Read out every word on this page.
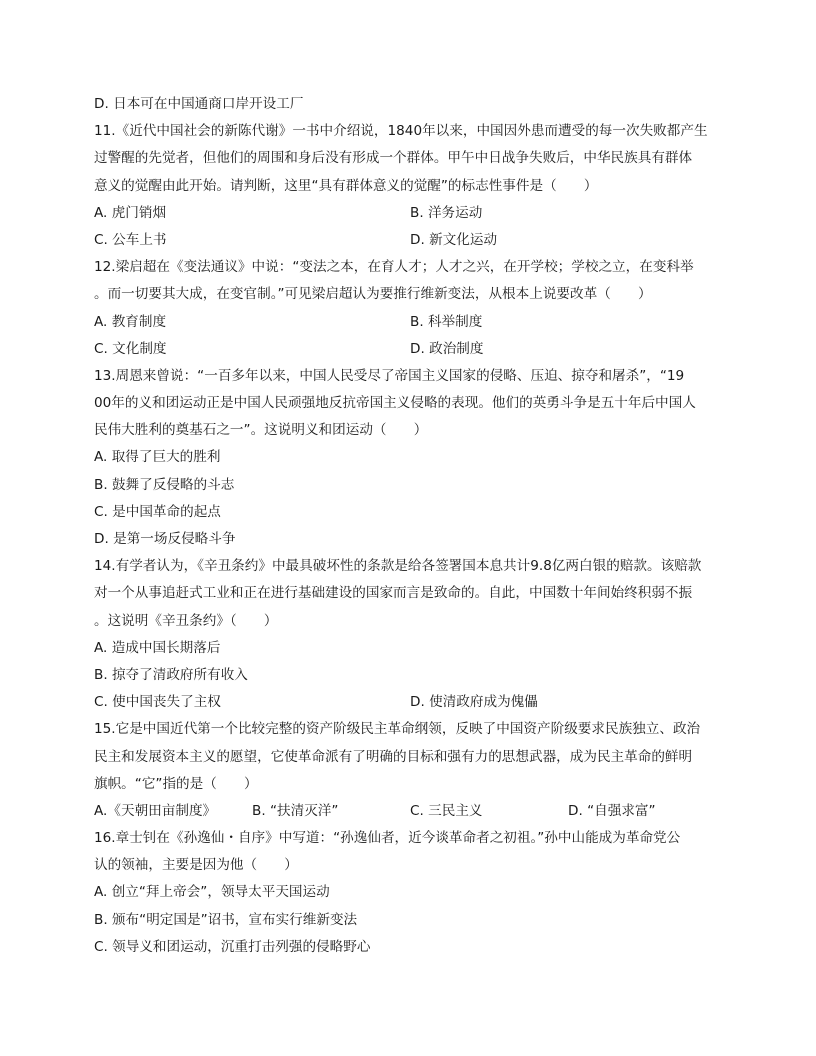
D. 日本可在中国通商口岸开设工厂
11.《近代中国社会的新陈代谢》一书中介绍说，1840年以来，中国因外患而遭受的每一次失败都产生
过警醒的先觉者，但他们的周围和身后没有形成一个群体。甲午中日战争失败后，中华民族具有群体
意义的觉醒由此开始。请判断，这里“具有群体意义的觉醒”的标志性事件是（　　）
A. 虎门销烟	B. 洋务运动
C. 公车上书	D. 新文化运动
12.梁启超在《变法通议》中说：“变法之本，在育人才；人才之兴，在开学校；学校之立，在变科举
。而一切要其大成，在变官制。”可见梁启超认为要推行维新变法，从根本上说要改革（　　）
A. 教育制度	B. 科举制度
C. 文化制度	D. 政治制度
13.周恩来曾说：“一百多年以来，中国人民受尽了帝国主义国家的侵略、压迫、掠夺和屠杀”，“19
00年的义和团运动正是中国人民顽强地反抗帝国主义侵略的表现。他们的英勇斗争是五十年后中国人
民伟大胜利的奠基石之一”。这说明义和团运动（　　）
A. 取得了巨大的胜利
B. 鼓舞了反侵略的斗志
C. 是中国革命的起点
D. 是第一场反侵略斗争
14.有学者认为，《辛丑条约》中最具破坏性的条款是给各签署国本息共计9.8亿两白银的赔款。该赔款
对一个从事追赶式工业和正在进行基础建设的国家而言是致命的。自此，中国数十年间始终积弱不振
。这说明《辛丑条约》（　　）
A. 造成中国长期落后
B. 掠夺了清政府所有收入
C. 使中国丧失了主权	D. 使清政府成为傀儡
15.它是中国近代第一个比较完整的资产阶级民主革命纲领，反映了中国资产阶级要求民族独立、政治
民主和发展资本主义的愿望，它使革命派有了明确的目标和强有力的思想武器，成为民主革命的鲜明
旗帜。“它”指的是（　　）
A.《天朝田亩制度》	B. “扶清灭洋”	C. 三民主义	D. “自强求富”
16.章士钊在《孙逸仙・自序》中写道：“孙逸仙者，近今谈革命者之初祖。”孙中山能成为革命党公
认的领袖，主要是因为他（　　）
A. 创立“拜上帝会”，领导太平天国运动
B. 颁布“明定国是”诏书，宣布实行维新变法
C. 领导义和团运动，沉重打击列强的侵略野心
